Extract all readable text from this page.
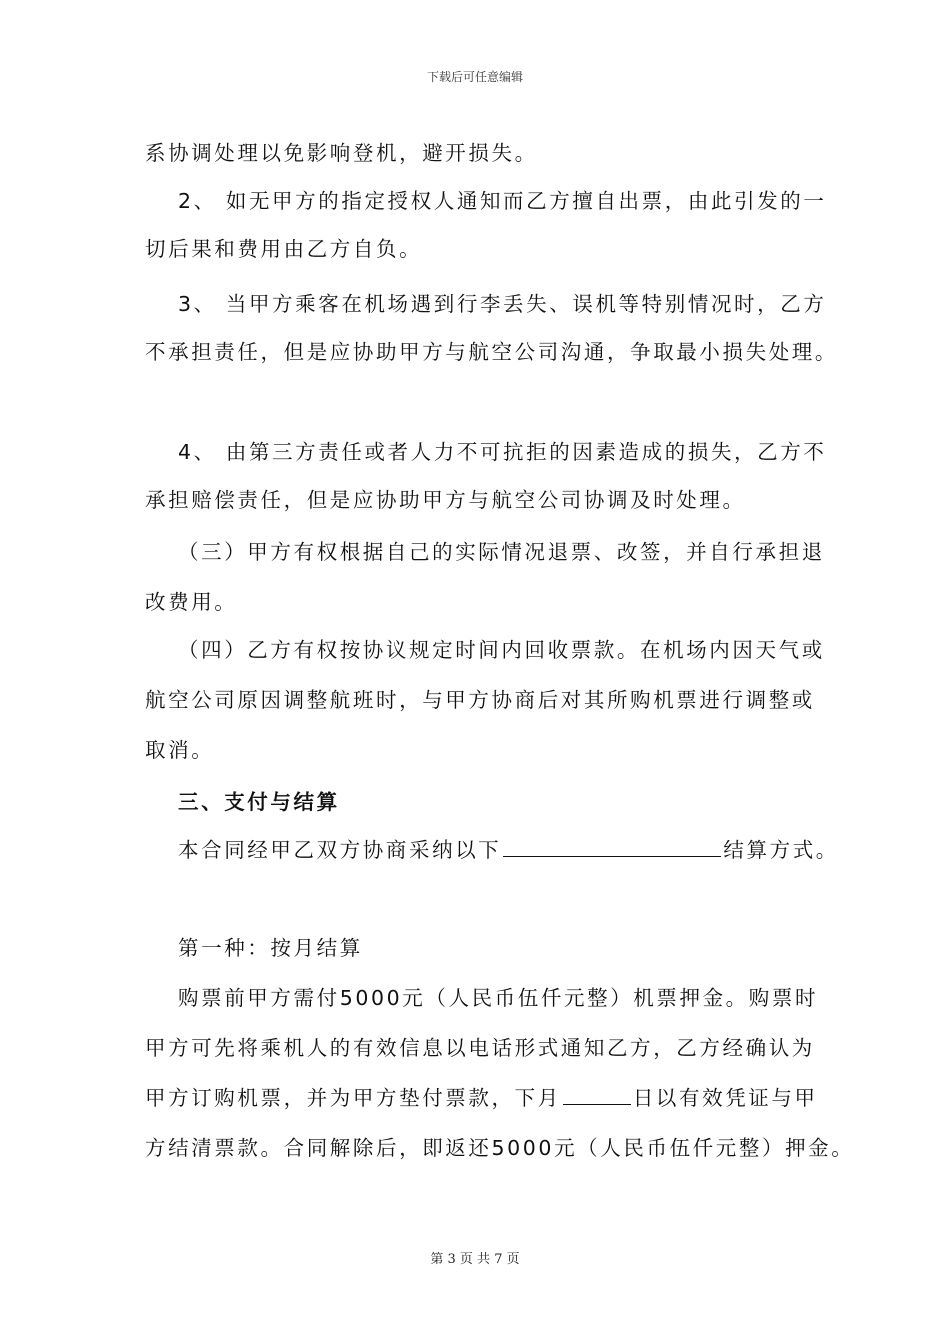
下载后可任意编辑
系协调处理以免影响登机，避开损失。
2、 如无甲方的指定授权人通知而乙方擅自出票，由此引发的一
切后果和费用由乙方自负。
3、 当甲方乘客在机场遇到行李丢失、误机等特别情况时，乙方
不承担责任，但是应协助甲方与航空公司沟通，争取最小损失处理。
4、 由第三方责任或者人力不可抗拒的因素造成的损失，乙方不
承担赔偿责任，但是应协助甲方与航空公司协调及时处理。
（三）甲方有权根据自己的实际情况退票、改签，并自行承担退
改费用。
（四）乙方有权按协议规定时间内回收票款。在机场内因天气或
航空公司原因调整航班时，与甲方协商后对其所购机票进行调整或
取消。
三、支付与结算
本合同经甲乙双方协商采纳以下	结算方式。
第一种：按月结算
购票前甲方需付5000元（人民币伍仟元整）机票押金。购票时
甲方可先将乘机人的有效信息以电话形式通知乙方，乙方经确认为
甲方订购机票，并为甲方垫付票款，下月	日以有效凭证与甲
方结清票款。合同解除后，即返还5000元（人民币伍仟元整）押金。
第 3 页 共 7 页
